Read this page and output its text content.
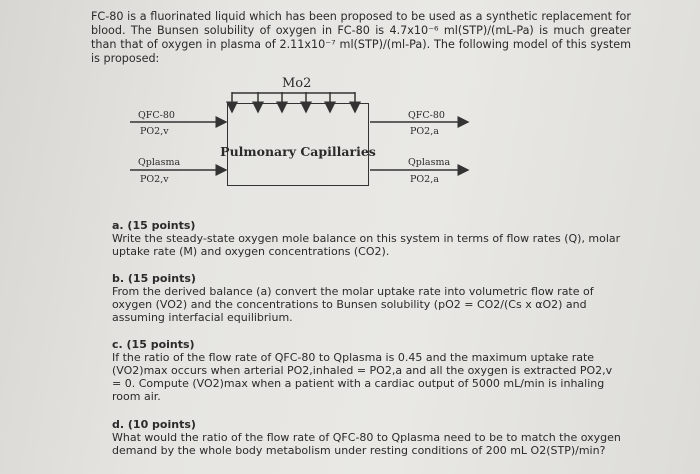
FC-80 is a fluorinated liquid which has been proposed to be used as a synthetic replacement for blood. The Bunsen solubility of oxygen in FC-80 is 4.7x10⁻⁶ ml(STP)/(mL-Pa) is much greater than that of oxygen in plasma of 2.11x10⁻⁷ ml(STP)/(ml-Pa). The following model of this system is proposed:

Mo2
Pulmonary Capillaries
QFC-80
PO2,v
Qplasma
PO2,v
QFC-80
PO2,a
Qplasma
PO2,a

a. (15 points)

Write the steady-state oxygen mole balance on this system in terms of flow rates (Q), molar uptake rate (M) and oxygen concentrations (CO2).

b. (15 points)

From the derived balance (a) convert the molar uptake rate into volumetric flow rate of oxygen (VO2) and the concentrations to Bunsen solubility (pO2 = CO2/(Cs x αO2) and assuming interfacial equilibrium.

c. (15 points)

If the ratio of the flow rate of QFC-80 to Qplasma is 0.45 and the maximum uptake rate (VO2)max occurs when arterial PO2,inhaled = PO2,a and all the oxygen is extracted PO2,v = 0. Compute (VO2)max when a patient with a cardiac output of 5000 mL/min is inhaling room air.

d. (10 points)

What would the ratio of the flow rate of QFC-80 to Qplasma need to be to match the oxygen demand by the whole body metabolism under resting conditions of 200 mL O2(STP)/min?
